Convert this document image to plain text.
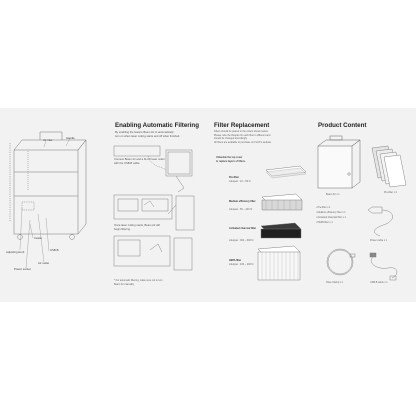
Air inlet	Handle
Caster
USB-B
Adjusting knob
Air outlet
Power socket
Enabling Automatic Filtering
By enabling the feature Beam Air to automatically
turn on when laser cutting starts and off when finished.
Connect Beam Air and a FLUX laser cutter
with the USB-B cable.
Once laser cutting starts, Beam Air will
begin filtering.
* For automatic filtering, make sure not to turn
Beam Air manually.
Filter Replacement
Filters should be placed in the orders shown below.
Please note the lifespan for each filter is different and
should be changed accordingly.
All filters are available to purchase on FLUX's website.
Unbuckle the top cover
to replace layers of filters.
Pre-filter
Lifespan : 10 ~ 50 hr
Medium efficiency filter
Lifespan : 50 ~ 100 hr
Activated charcoal filter
Lifespan : 300 ~ 600 hr
HEPA filter
Lifespan : 100 ~ 200 hr
Product Content
Beam Air x 1
Pre-filter x 4
• Pre-filter x 1
• Medium efficiency filter x 1
• Activated charcoal filter x 1
• HEPA filter x 1
Power cable x 1
Hose Clamp x 1	USB-B cable x 1
